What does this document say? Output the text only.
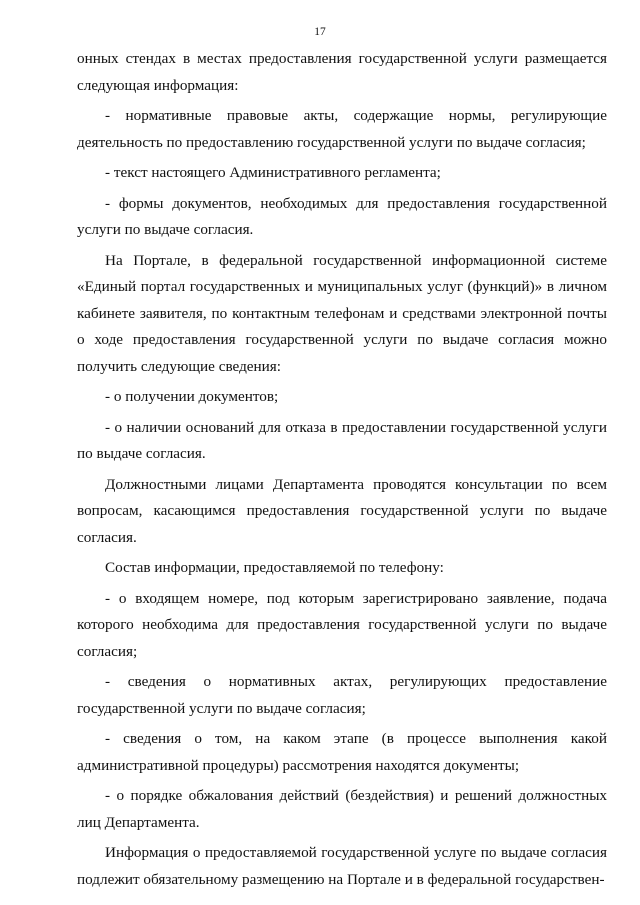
17

онных стендах в местах предоставления государственной услуги размещается следующая информация:

- нормативные правовые акты, содержащие нормы, регулирующие деятельность по предоставлению государственной услуги по выдаче согласия;

- текст настоящего Административного регламента;

- формы документов, необходимых для предоставления государственной услуги по выдаче согласия.

На Портале, в федеральной государственной информационной системе «Единый портал государственных и муниципальных услуг (функций)» в личном кабинете заявителя, по контактным телефонам и средствами электронной почты о ходе предоставления государственной услуги по выдаче согласия можно получить следующие сведения:

- о получении документов;

- о наличии оснований для отказа в предоставлении государственной услуги по выдаче согласия.

Должностными лицами Департамента проводятся консультации по всем вопросам, касающимся предоставления государственной услуги по выдаче согласия.

Состав информации, предоставляемой по телефону:

- о входящем номере, под которым зарегистрировано заявление, подача которого необходима для предоставления государственной услуги по выдаче согласия;

- сведения о нормативных актах, регулирующих предоставление государственной услуги по выдаче согласия;

- сведения о том, на каком этапе (в процессе выполнения какой административной процедуры) рассмотрения находятся документы;

- о порядке обжалования действий (бездействия) и решений должностных лиц Департамента.

Информация о предоставляемой государственной услуге по выдаче согласия подлежит обязательному размещению на Портале и в федеральной государствен-
